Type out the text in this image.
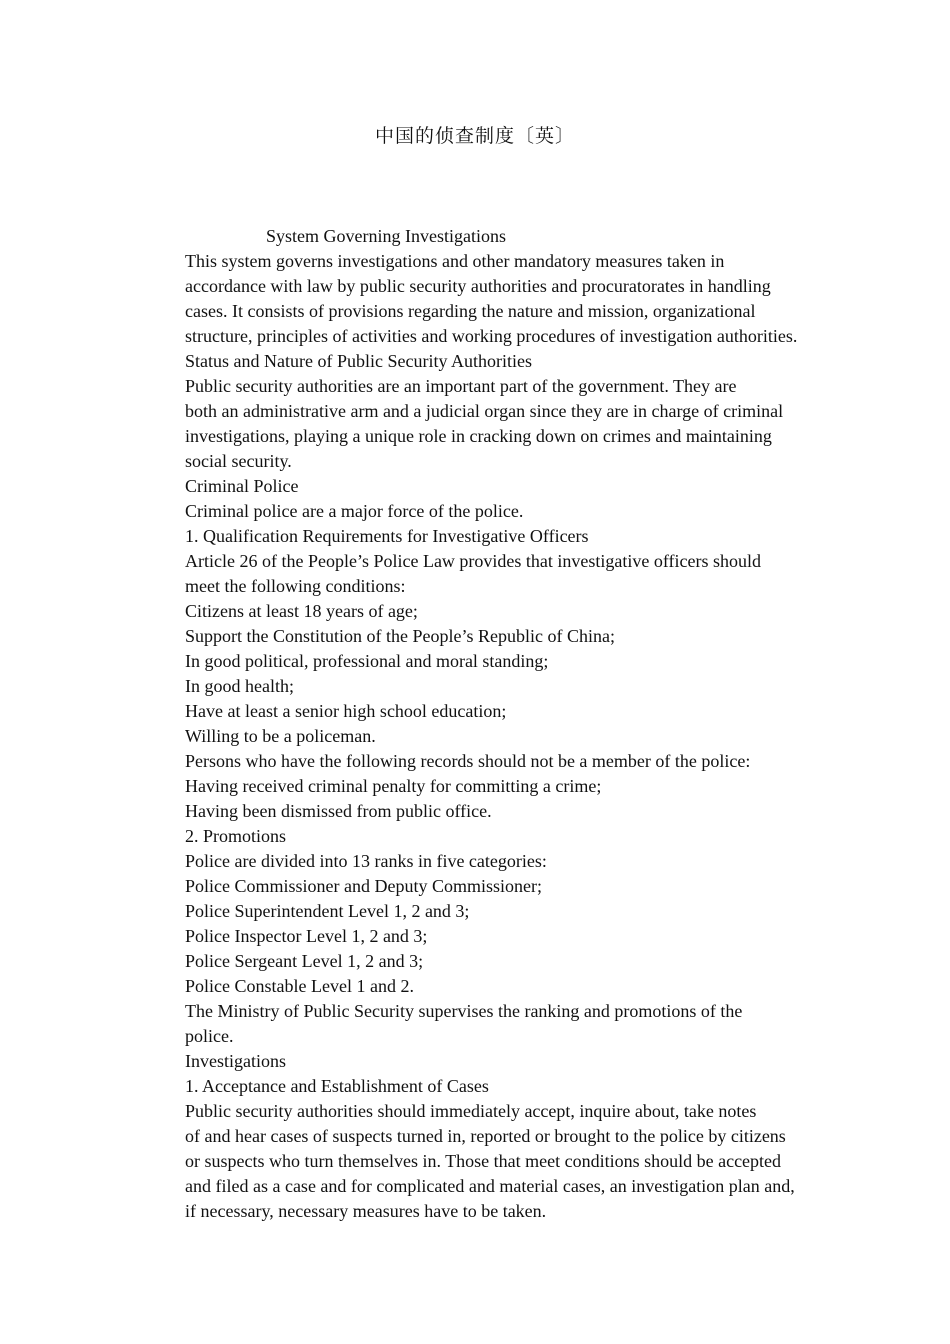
中国的侦查制度〔英〕

System Governing Investigations

This system governs investigations and other mandatory measures taken in
accordance with law by public security authorities and procuratorates in handling
cases. It consists of provisions regarding the nature and mission, organizational
structure, principles of activities and working procedures of investigation authorities.

Status and Nature of Public Security Authorities

Public security authorities are an important part of the government. They are
both an administrative arm and a judicial organ since they are in charge of criminal
investigations, playing a unique role in cracking down on crimes and maintaining
social security.

Criminal Police

Criminal police are a major force of the police.

1. Qualification Requirements for Investigative Officers

Article 26 of the People’s Police Law provides that investigative officers should
meet the following conditions:

Citizens at least 18 years of age;

Support the Constitution of the People’s Republic of China;

In good political, professional and moral standing;

In good health;

Have at least a senior high school education;

Willing to be a policeman.

Persons who have the following records should not be a member of the police:

Having received criminal penalty for committing a crime;

Having been dismissed from public office.

2. Promotions

Police are divided into 13 ranks in five categories:

Police Commissioner and Deputy Commissioner;

Police Superintendent Level 1, 2 and 3;

Police Inspector Level 1, 2 and 3;

Police Sergeant Level 1, 2 and 3;

Police Constable Level 1 and 2.

The Ministry of Public Security supervises the ranking and promotions of the
police.

Investigations

1. Acceptance and Establishment of Cases

Public security authorities should immediately accept, inquire about, take notes
of and hear cases of suspects turned in, reported or brought to the police by citizens
or suspects who turn themselves in. Those that meet conditions should be accepted
and filed as a case and for complicated and material cases, an investigation plan and,
if necessary, necessary measures have to be taken.
